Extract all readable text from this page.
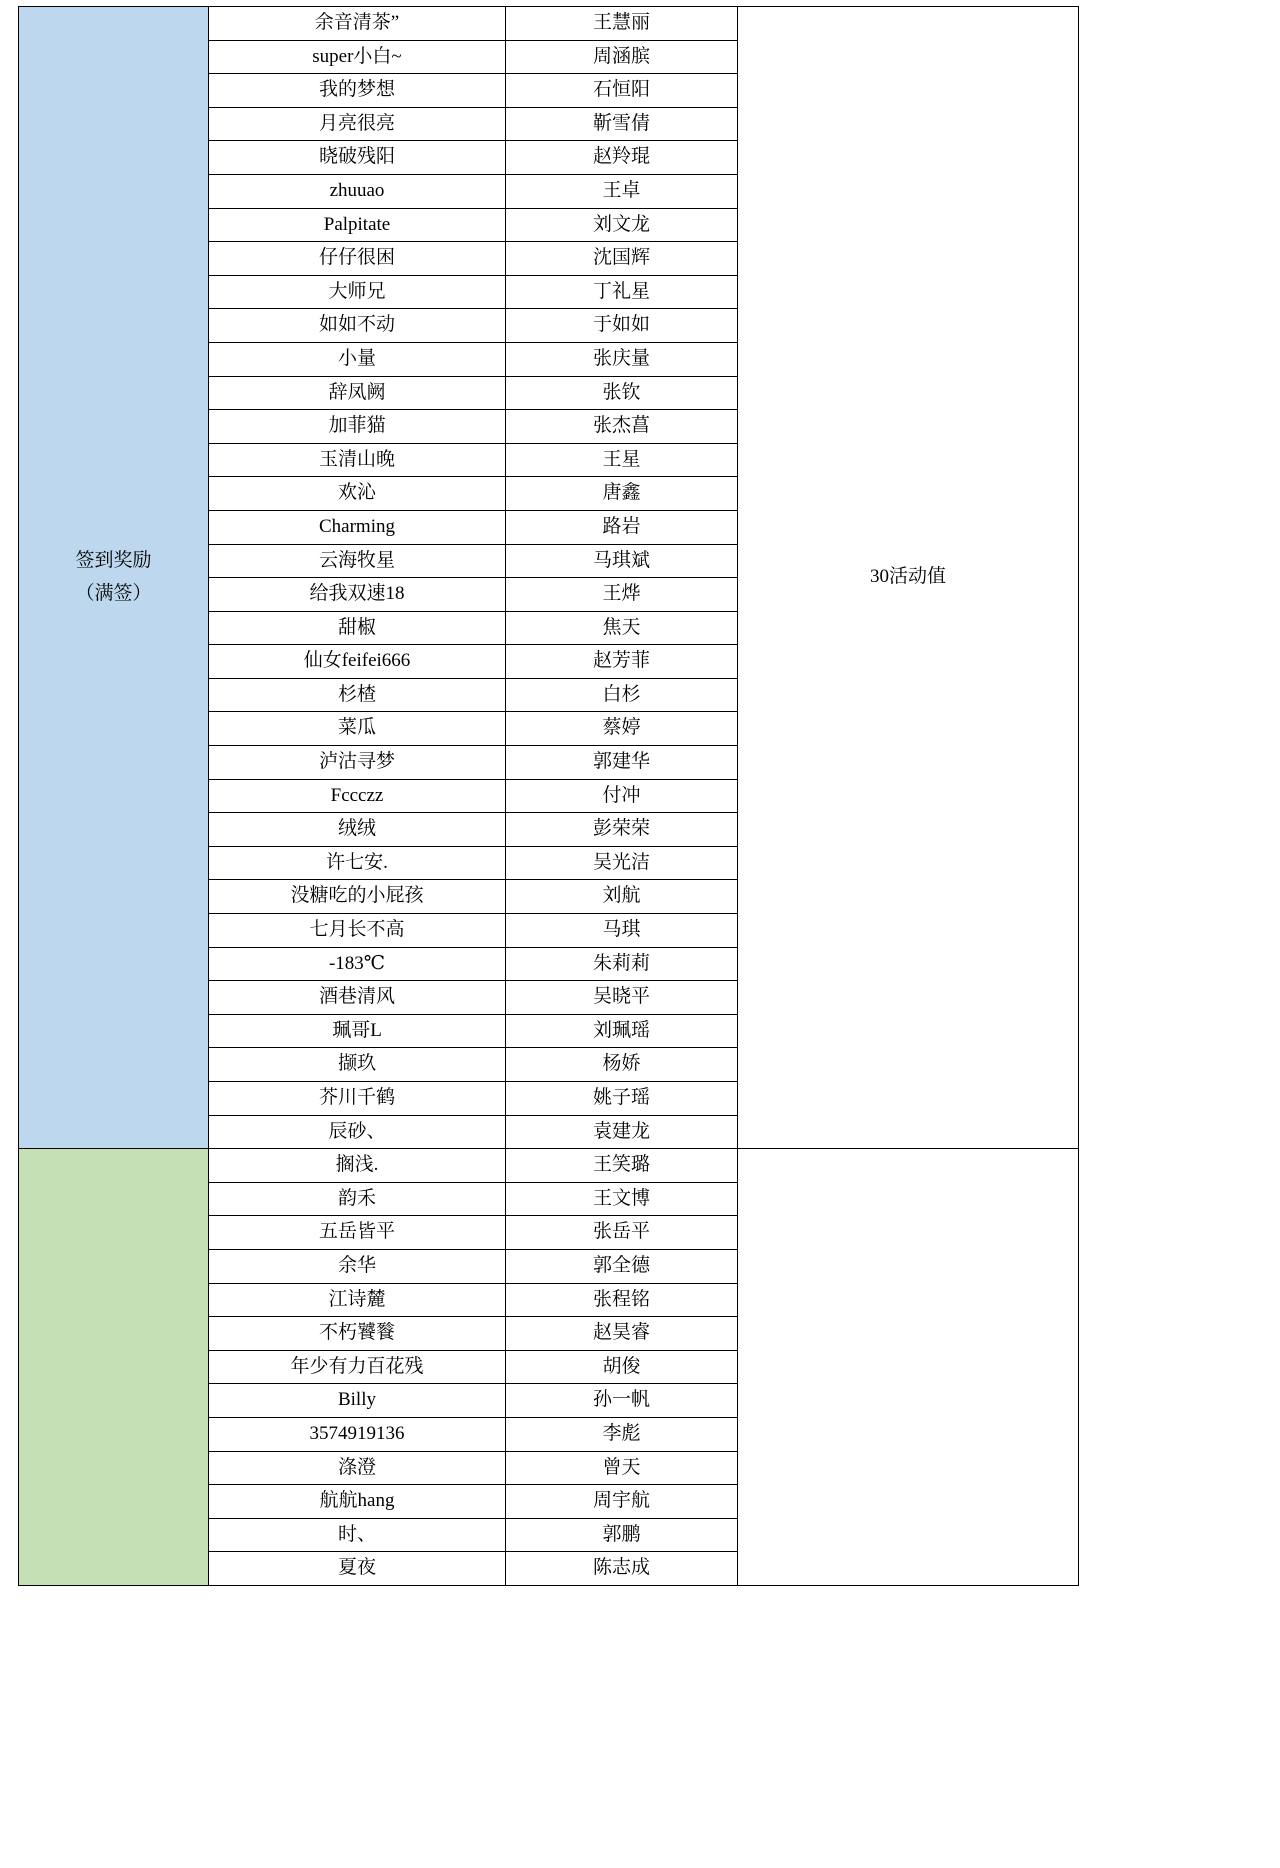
签到奖励
（满签）	余音清茶”	王慧丽	30活动值
	super小白~	周涵膑	
	我的梦想	石恒阳	
	月亮很亮	靳雪倩	
	晓破残阳	赵羚琨	
	zhuuao	王卓	
	Palpitate	刘文龙	
	仔仔很困	沈国辉	
	大师兄	丁礼星	
	如如不动	于如如	
	小量	张庆量	
	辞凤阙	张钦	
	加菲猫	张杰菖	
	玉清山晚	王星	
	欢沁	唐鑫	
	Charming	路岩	
	云海牧星	马琪斌	
	给我双速18	王烨	
	甜椒	焦天	
	仙女feifei666	赵芳菲	
	杉楂	白杉	
	菜瓜	蔡婷	
	泸沽寻梦	郭建华	
	Fccczz	付冲	
	绒绒	彭荣荣	
	许七安.	吴光洁	
	没糖吃的小屁孩	刘航	
	七月长不高	马琪	
	-183℃	朱莉莉	
	酒巷清风	吴晓平	
	珮哥L	刘珮瑶	
	撷玖	杨娇	
	芥川千鹤	姚子瑶	
	辰砂、	袁建龙	
	搁浅.	王笑璐	
	韵禾	王文博	
	五岳皆平	张岳平	
	余华	郭全德	
	江诗麓	张程铭	
	不朽饕餮	赵昊睿	
	年少有力百花残	胡俊	
	Billy	孙一帆	
	3574919136	李彪	
	涤澄	曾天	
	航航hang	周宇航	
	时、	郭鹏	
	夏夜	陈志成	
